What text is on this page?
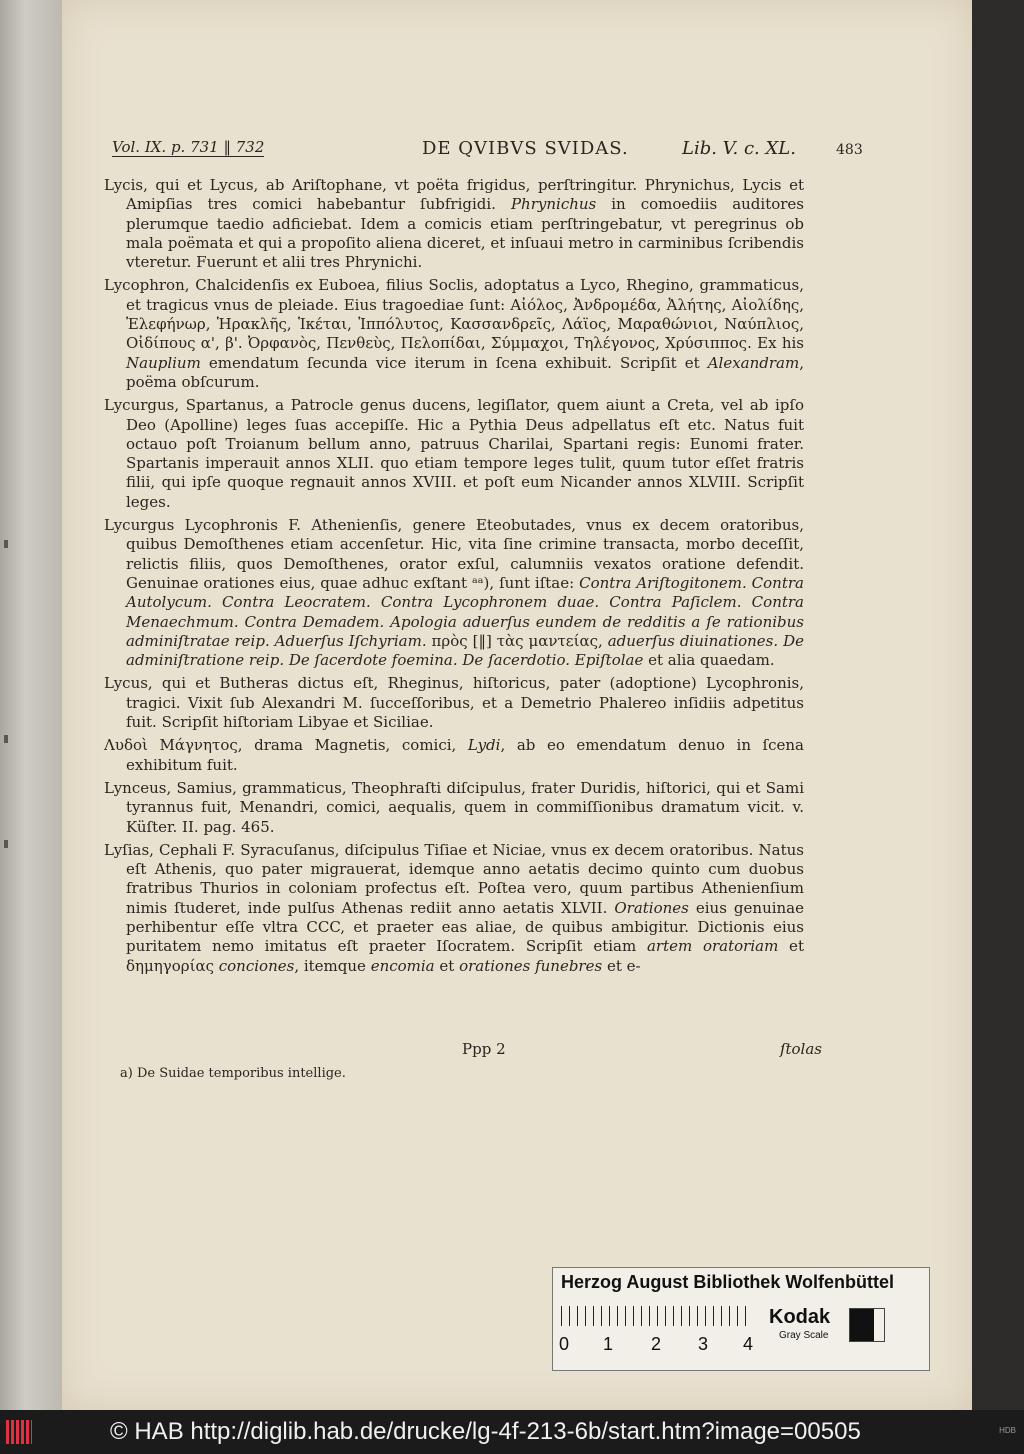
Vol. IX. p. 731 ‖ 732	DE QVIBVS SVIDAS.	Lib. V. c. XL.	483

Lycis, qui et Lycus, ab Ariſtophane, vt poëta frigidus, perſtringitur. Phrynichus, Lycis et Amipſias tres comici habebantur ſubfrigidi. Phrynichus in comoediis auditores plerumque taedio adficiebat. Idem a comicis etiam perſtringebatur, vt peregrinus ob mala poëmata et qui a propoſito aliena diceret, et inſuaui metro in carminibus ſcribendis vteretur. Fuerunt et alii tres Phrynichi.

Lycophron, Chalcidenſis ex Euboea, filius Soclis, adoptatus a Lyco, Rhegino, grammaticus, et tragicus vnus de pleiade. Eius tragoediae ſunt: Αἰόλος, Ἀνδρομέδα, Ἀλήτης, Αἰολίδης, Ἐλεφήνωρ, Ἡρακλῆς, Ἱκέται, Ἱππόλυτος, Κασσανδρεῖς, Λάϊος, Μαραθώνιοι, Ναύπλιος, Οἰδίπους α', β'. Ὀρφανὸς, Πενθεὺς, Πελοπίδαι, Σύμμαχοι, Τηλέγονος, Χρύσιππος. Ex his Nauplium emendatum ſecunda vice iterum in ſcena exhibuit. Scripſit et Alexandram, poëma obſcurum.

Lycurgus, Spartanus, a Patrocle genus ducens, legiſlator, quem aiunt a Creta, vel ab ipſo Deo (Apolline) leges ſuas accepiſſe. Hic a Pythia Deus adpellatus eſt etc. Natus fuit octauo poſt Troianum bellum anno, patruus Charilai, Spartani regis: Eunomi frater. Spartanis imperauit annos XLII. quo etiam tempore leges tulit, quum tutor eſſet fratris filii, qui ipſe quoque regnauit annos XVIII. et poſt eum Nicander annos XLVIII. Scripſit leges.

Lycurgus Lycophronis F. Athenienſis, genere Eteobutades, vnus ex decem oratoribus, quibus Demoſthenes etiam accenſetur. Hic, vita ſine crimine transacta, morbo deceſſit, relictis filiis, quos Demoſthenes, orator exſul, calumniis vexatos oratione defendit. Genuinae orationes eius, quae adhuc exſtant ᵃᵃ), ſunt iſtae: Contra Ariſtogitonem. Contra Autolycum. Contra Leocratem. Contra Lycophronem duae. Contra Paſiclem. Contra Menaechmum. Contra Demadem. Apologia aduerſus eundem de redditis a ſe rationibus adminiſtratae reip. Aduerſus Iſchyriam. πρὸς [‖] τὰς μαντείας, aduerſus diuinationes. De adminiſtratione reip. De ſacerdote foemina. De ſacerdotio. Epiſtolae et alia quaedam.

Lycus, qui et Butheras dictus eſt, Rheginus, hiſtoricus, pater (adoptione) Lycophronis, tragici. Vixit ſub Alexandri M. ſucceſſoribus, et a Demetrio Phalereo inſidiis adpetitus fuit. Scripſit hiſtoriam Libyae et Siciliae.

Λυδοὶ Μάγνητος, drama Magnetis, comici, Lydi, ab eo emendatum denuo in ſcena exhibitum fuit.

Lynceus, Samius, grammaticus, Theophraſti diſcipulus, frater Duridis, hiſtorici, qui et Sami tyrannus fuit, Menandri, comici, aequalis, quem in commiſſionibus dramatum vicit. v. Küſter. II. pag. 465.

Lyſias, Cephali F. Syracuſanus, diſcipulus Tiſiae et Niciae, vnus ex decem oratoribus. Natus eſt Athenis, quo pater migrauerat, idemque anno aetatis decimo quinto cum duobus fratribus Thurios in coloniam profectus eſt. Poſtea vero, quum partibus Athenienſium nimis ſtuderet, inde pulſus Athenas rediit anno aetatis XLVII. Orationes eius genuinae perhibentur eſſe vltra CCC, et praeter eas aliae, de quibus ambigitur. Dictionis eius puritatem nemo imitatus eſt praeter Iſocratem. Scripſit etiam artem oratoriam et δημηγορίας conciones, itemque encomia et orationes funebres et e-

Ppp 2	ſtolas
a) De Suidae temporibus intellige.
Herzog August Bibliothek Wolfenbüttel
0 1 2 3 4
Kodak
Gray Scale
© HAB http://diglib.hab.de/drucke/lg-4f-213-6b/start.htm?image=00505	HDB
